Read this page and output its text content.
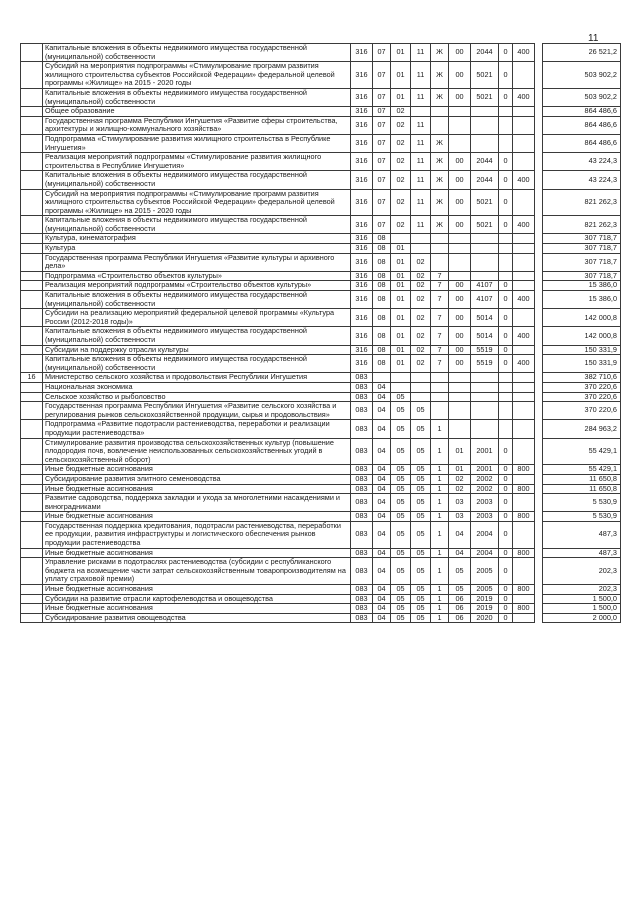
11
	Капитальные вложения в объекты недвижимого имущества государственной (муниципальной) собственности	316	07	01	11	Ж	00	2044	0	400		26 521,2
	Субсидий на мероприятия подпрограммы «Стимулирование программ развития жилищного строительства субъектов Российской Федерации» федеральной целевой программы «Жилище» на 2015 - 2020 годы	316	07	01	11	Ж	00	5021	0			503 902,2
	Капитальные вложения в объекты недвижимого имущества государственной (муниципальной) собственности	316	07	01	11	Ж	00	5021	0	400		503 902,2
	Общее образование	316	07	02								864 486,6
	Государственная программа Республики Ингушетия «Развитие сферы строительства, архитектуры и жилищно-коммунального хозяйства»	316	07	02	11							864 486,6
	Подпрограмма «Стимулирование развития жилищного строительства в Республике Ингушетия»	316	07	02	11	Ж						864 486,6
	Реализация мероприятий подпрограммы «Стимулирование развития жилищного строительства в Республике Ингушетия»	316	07	02	11	Ж	00	2044	0			43 224,3
	Капитальные вложения в объекты недвижимого имущества государственной (муниципальной) собственности	316	07	02	11	Ж	00	2044	0	400		43 224,3
	Субсидий на мероприятия подпрограммы «Стимулирование программ развития жилищного строительства субъектов Российской Федерации» федеральной целевой программы «Жилище» на 2015 - 2020 годы	316	07	02	11	Ж	00	5021	0			821 262,3
	Капитальные вложения в объекты недвижимого имущества государственной (муниципальной) собственности	316	07	02	11	Ж	00	5021	0	400		821 262,3
	Культура, кинематография	316	08									307 718,7
	Культура	316	08	01								307 718,7
	Государственная программа Республики Ингушетия «Развитие культуры и архивного дела»	316	08	01	02							307 718,7
	Подпрограмма «Строительство объектов культуры»	316	08	01	02	7						307 718,7
	Реализация мероприятий подпрограммы «Строительство объектов культуры»	316	08	01	02	7	00	4107	0			15 386,0
	Капитальные вложения в объекты недвижимого имущества государственной (муниципальной) собственности	316	08	01	02	7	00	4107	0	400		15 386,0
	Субсидии на реализацию мероприятий федеральной целевой программы «Культура России (2012-2018 годы)»	316	08	01	02	7	00	5014	0			142 000,8
	Капитальные вложения в объекты недвижимого имущества государственной (муниципальной) собственности	316	08	01	02	7	00	5014	0	400		142 000,8
	Субсидии на поддержку отрасли культуры	316	08	01	02	7	00	5519	0			150 331,9
	Капитальные вложения в объекты недвижимого имущества государственной (муниципальной) собственности	316	08	01	02	7	00	5519	0	400		150 331,9
16	Министерство сельского хозяйства и продовольствия Республики Ингушетия	083										382 710,6
	Национальная экономика	083	04									370 220,6
	Сельское хозяйство и рыболовство	083	04	05								370 220,6
	Государственная программа Республики Ингушетия «Развитие сельского хозяйства и регулирования рынков сельскохозяйственной продукции, сырья и продовольствия»	083	04	05	05							370 220,6
	Подпрограмма «Развитие подотрасли растениеводства, переработки и реализации продукции растениеводства»	083	04	05	05	1						284 963,2
	Стимулирование развития производства сельскохозяйственных культур (повышение плодородия почв, вовлечение неиспользованных сельскохозяйственных угодий в сельскохозяйственный оборот)	083	04	05	05	1	01	2001	0			55 429,1
	Иные бюджетные ассигнования	083	04	05	05	1	01	2001	0	800		55 429,1
	Субсидирование развития элитного семеноводства	083	04	05	05	1	02	2002	0			11 650,8
	Иные бюджетные ассигнования	083	04	05	05	1	02	2002	0	800		11 650,8
	Развитие садоводства, поддержка закладки и ухода за многолетними насаждениями и виноградниками	083	04	05	05	1	03	2003	0			5 530,9
	Иные бюджетные ассигнования	083	04	05	05	1	03	2003	0	800		5 530,9
	Государственная поддержка кредитования, подотрасли растениеводства, переработки ее продукции, развития инфраструктуры и логистического обеспечения рынков продукции растениеводства	083	04	05	05	1	04	2004	0			487,3
	Иные бюджетные ассигнования	083	04	05	05	1	04	2004	0	800		487,3
	Управление рисками в подотраслях растениеводства (субсидии с республиканского бюджета на возмещение части затрат сельскохозяйственным товаропроизводителям на уплату страховой премии)	083	04	05	05	1	05	2005	0			202,3
	Иные бюджетные ассигнования	083	04	05	05	1	05	2005	0	800		202,3
	Субсидии на развитие отрасли картофелеводства и овощеводства	083	04	05	05	1	06	2019	0			1 500,0
	Иные бюджетные ассигнования	083	04	05	05	1	06	2019	0	800		1 500,0
	Субсидирование развития овощеводства	083	04	05	05	1	06	2020	0			2 000,0
